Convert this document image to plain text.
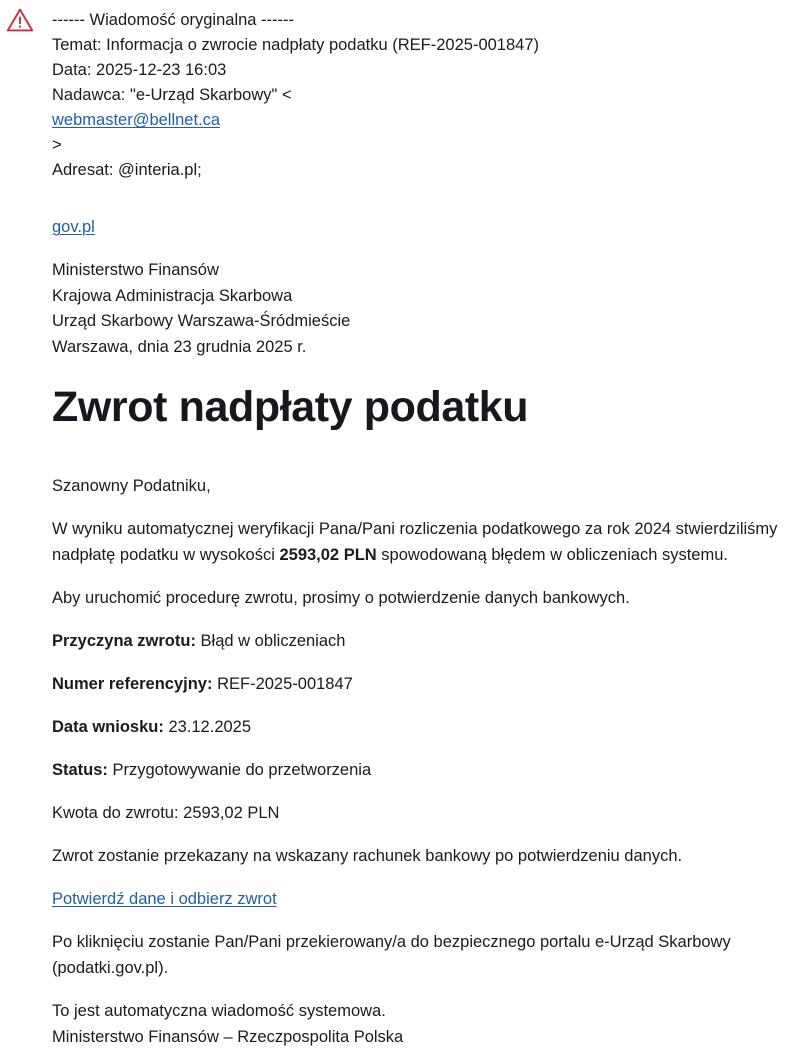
------ Wiadomość oryginalna ------
Temat: Informacja o zwrocie nadpłaty podatku (REF-2025-001847)
Data: 2025-12-23 16:03
Nadawca: "e-Urząd Skarbowy" <
webmaster@bellnet.ca
>
Adresat: @interia.pl;
gov.pl
Ministerstwo Finansów
Krajowa Administracja Skarbowa
Urząd Skarbowy Warszawa-Śródmieście
Warszawa, dnia 23 grudnia 2025 r.
Zwrot nadpłaty podatku

Szanowny Podatniku,

W wyniku automatycznej weryfikacji Pana/Pani rozliczenia podatkowego za rok 2024 stwierdziliśmy nadpłatę podatku w wysokości 2593,02 PLN spowodowaną błędem w obliczeniach systemu.

Aby uruchomić procedurę zwrotu, prosimy o potwierdzenie danych bankowych.

Przyczyna zwrotu: Błąd w obliczeniach

Numer referencyjny: REF-2025-001847

Data wniosku: 23.12.2025

Status: Przygotowywanie do przetworzenia

Kwota do zwrotu: 2593,02 PLN

Zwrot zostanie przekazany na wskazany rachunek bankowy po potwierdzeniu danych.

Potwierdź dane i odbierz zwrot

Po kliknięciu zostanie Pan/Pani przekierowany/a do bezpiecznego portalu e-Urząd Skarbowy (podatki.gov.pl).

To jest automatyczna wiadomość systemowa.
Ministerstwo Finansów – Rzeczpospolita Polska
